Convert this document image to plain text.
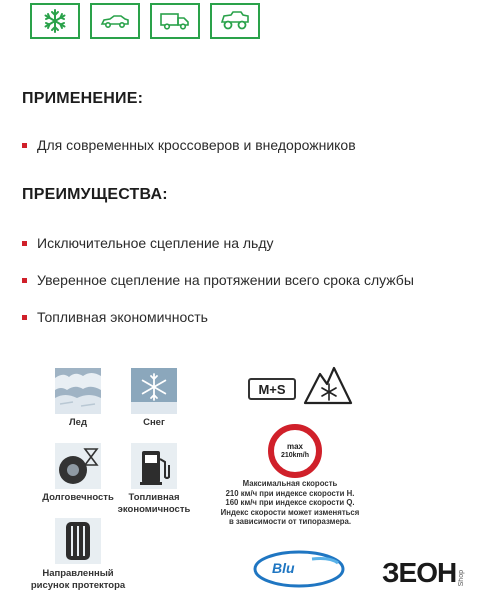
ПРИМЕНЕНИЕ:
Для современных кроссоверов и внедорожников
ПРЕИМУЩЕСТВА:
Исключительное сцепление на льду
Уверенное сцепление на протяжении всего срока службы
Топливная экономичность
Лед	Снег
Долговечность	Топливная
экономичность
Направленный
рисунок протектора
M+S
max
210km/h
Максимальная скорость
210 км/ч при индексе скорости H.
160 км/ч при индексе скорости Q.
Индекс скорости может изменяться
в зависимости от типоразмера.
Blu	ЗЕОН Shop
